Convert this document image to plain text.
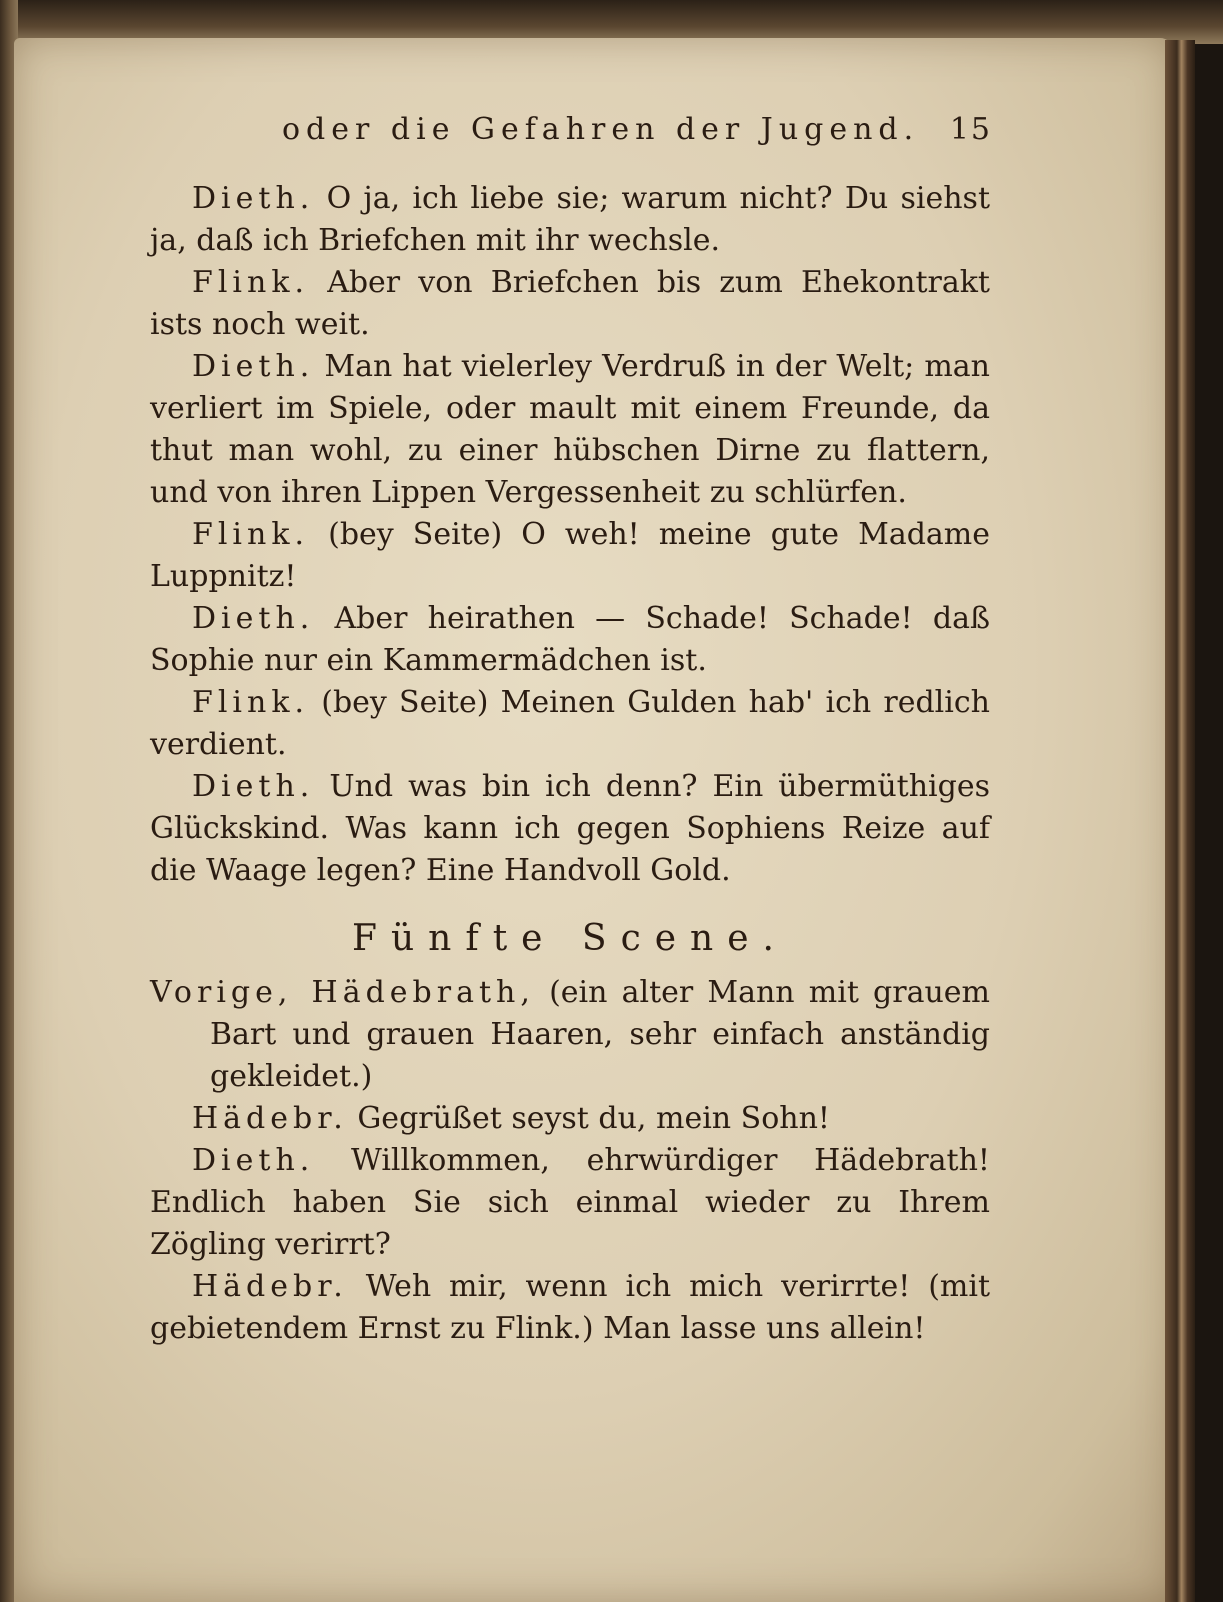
oder die Gefahren der Jugend. 15

Dieth. O ja, ich liebe sie; warum nicht? Du siehst ja, daß ich Briefchen mit ihr wechsle.

Flink. Aber von Briefchen bis zum Ehekontrakt ists noch weit.

Dieth. Man hat vielerley Verdruß in der Welt; man verliert im Spiele, oder mault mit einem Freunde, da thut man wohl, zu einer hübschen Dirne zu flattern, und von ihren Lippen Vergessenheit zu schlürfen.

Flink. (bey Seite) O weh! meine gute Madame Luppnitz!

Dieth. Aber heirathen — Schade! Schade! daß Sophie nur ein Kammermädchen ist.

Flink. (bey Seite) Meinen Gulden hab' ich redlich verdient.

Dieth. Und was bin ich denn? Ein übermüthiges Glückskind. Was kann ich gegen Sophiens Reize auf die Waage legen? Eine Handvoll Gold.

Fünfte Scene.

Vorige, Hädebrath, (ein alter Mann mit grauem Bart und grauen Haaren, sehr einfach anständig gekleidet.)

Hädebr. Gegrüßet seyst du, mein Sohn!

Dieth. Willkommen, ehrwürdiger Hädebrath! Endlich haben Sie sich einmal wieder zu Ihrem Zögling verirrt?

Hädebr. Weh mir, wenn ich mich verirrte! (mit gebietendem Ernst zu Flink.) Man lasse uns allein!
